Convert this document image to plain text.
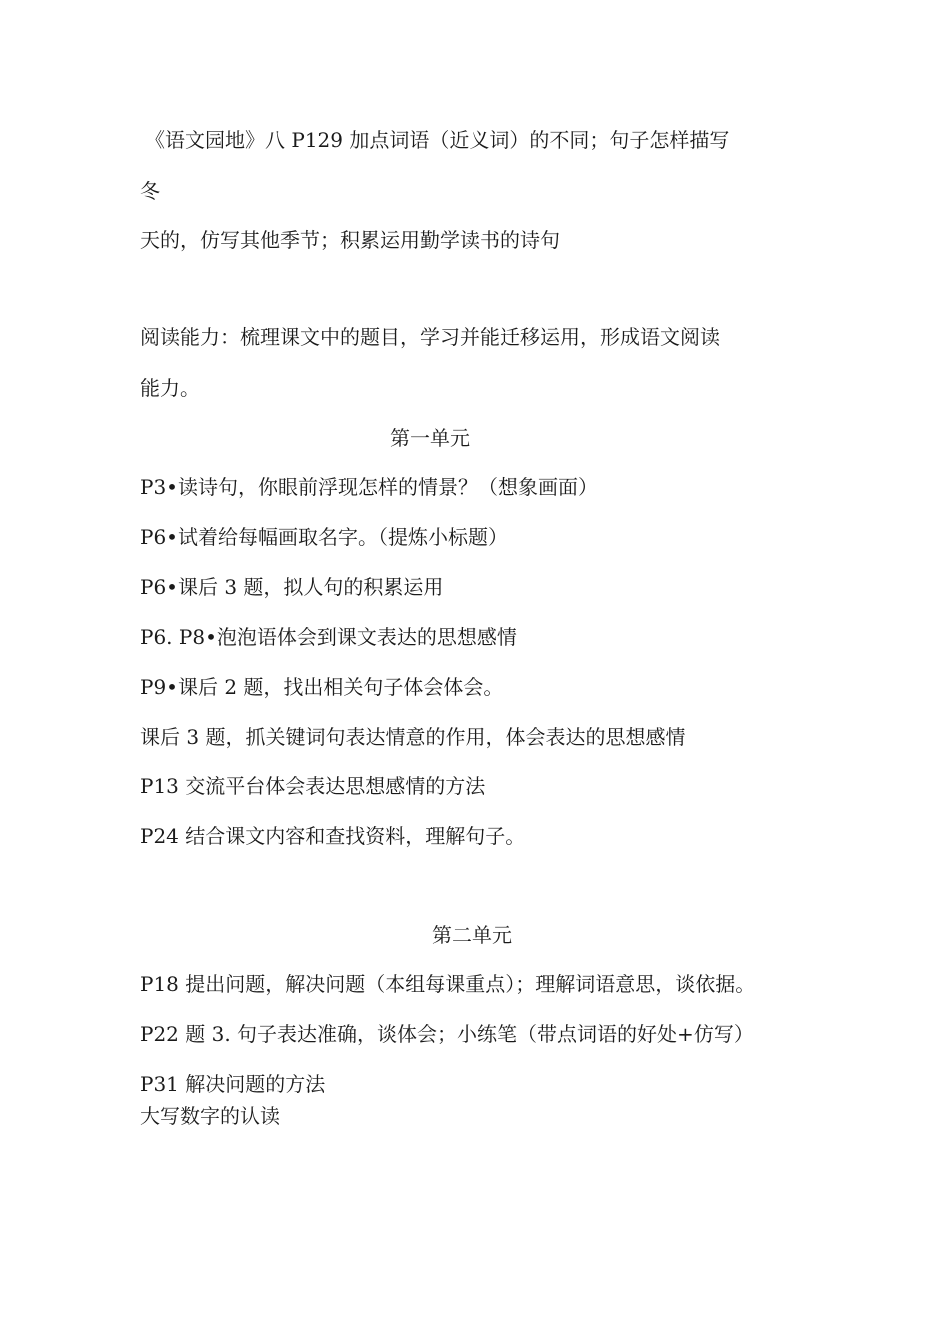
《语文园地》八 P129 加点词语（近义词）的不同；句子怎样描写
冬
天的，仿写其他季节；积累运用勤学读书的诗句
阅读能力：梳理课文中的题目，学习并能迁移运用，形成语文阅读
能力。
第一单元
P3•读诗句，你眼前浮现怎样的情景？（想象画面）
P6•试着给每幅画取名字。（提炼小标题）
P6•课后 3 题，拟人句的积累运用
P6. P8•泡泡语体会到课文表达的思想感情
P9•课后 2 题，找出相关句子体会体会。
课后 3 题，抓关键词句表达情意的作用，体会表达的思想感情
P13 交流平台体会表达思想感情的方法
P24 结合课文内容和查找资料，理解句子。
第二单元
P18 提出问题，解决问题（本组每课重点）；理解词语意思，谈依据。
P22 题 3. 句子表达准确，谈体会；小练笔（带点词语的好处+仿写）
P31 解决问题的方法
大写数字的认读
